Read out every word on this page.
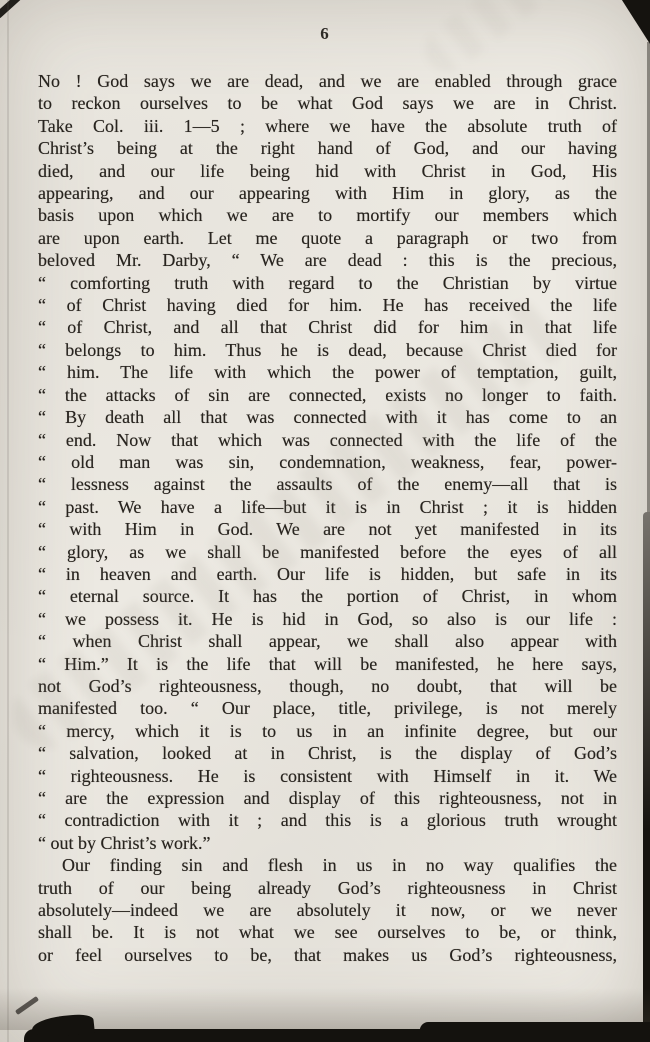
6
No ! God says we are dead, and we are enabled through grace
to reckon ourselves to be what God says we are in Christ.
Take Col. iii. 1—5 ; where we have the absolute truth of
Christ’s being at the right hand of God, and our having
died, and our life being hid with Christ in God, His
appearing, and our appearing with Him in glory, as the
basis upon which we are to mortify our members which
are upon earth. Let me quote a paragraph or two from
beloved Mr. Darby, “ We are dead : this is the precious,
“ comforting truth with regard to the Christian by virtue
“ of Christ having died for him. He has received the life
“ of Christ, and all that Christ did for him in that life
“ belongs to him. Thus he is dead, because Christ died for
“ him. The life with which the power of temptation, guilt,
“ the attacks of sin are connected, exists no longer to faith.
“ By death all that was connected with it has come to an
“ end. Now that which was connected with the life of the
“ old man was sin, condemnation, weakness, fear, power-
“ lessness against the assaults of the enemy—all that is
“ past. We have a life—but it is in Christ ; it is hidden
“ with Him in God. We are not yet manifested in its
“ glory, as we shall be manifested before the eyes of all
“ in heaven and earth. Our life is hidden, but safe in its
“ eternal source. It has the portion of Christ, in whom
“ we possess it. He is hid in God, so also is our life :
“ when Christ shall appear, we shall also appear with
“ Him.” It is the life that will be manifested, he here says,
not God’s righteousness, though, no doubt, that will be
manifested too. “ Our place, title, privilege, is not merely
“ mercy, which it is to us in an infinite degree, but our
“ salvation, looked at in Christ, is the display of God’s
“ righteousness. He is consistent with Himself in it. We
“ are the expression and display of this righteousness, not in
“ contradiction with it ; and this is a glorious truth wrought
“ out by Christ’s work.”
Our finding sin and flesh in us in no way qualifies the
truth of our being already God’s righteousness in Christ
absolutely—indeed we are absolutely it now, or we never
shall be. It is not what we see ourselves to be, or think,
or feel ourselves to be, that makes us God’s righteousness,
